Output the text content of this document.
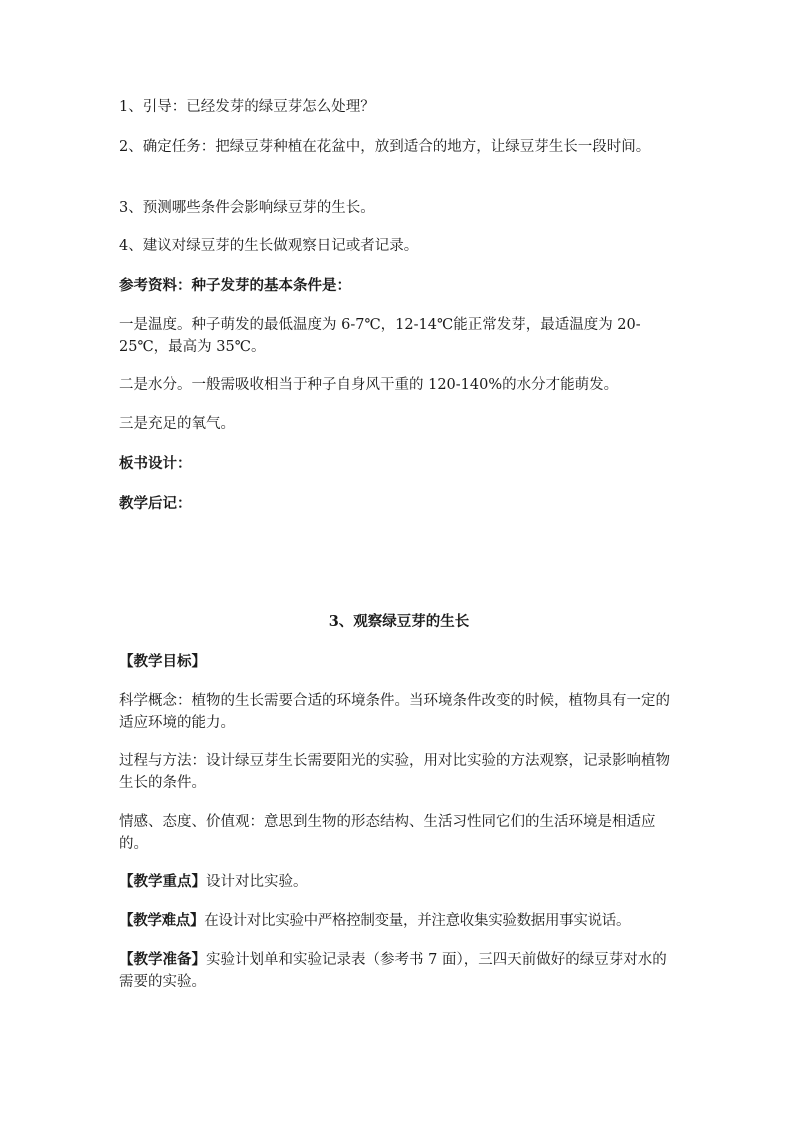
1、引导：已经发芽的绿豆芽怎么处理？

2、确定任务：把绿豆芽种植在花盆中，放到适合的地方，让绿豆芽生长一段时间。

3、预测哪些条件会影响绿豆芽的生长。

4、建议对绿豆芽的生长做观察日记或者记录。

参考资料：种子发芽的基本条件是：

一是温度。种子萌发的最低温度为 6-7℃，12-14℃能正常发芽，最适温度为 20-25℃，最高为 35℃。

二是水分。一般需吸收相当于种子自身风干重的 120-140%的水分才能萌发。

三是充足的氧气。

板书设计：

教学后记：

3、观察绿豆芽的生长

【教学目标】

科学概念：植物的生长需要合适的环境条件。当环境条件改变的时候，植物具有一定的适应环境的能力。

过程与方法：设计绿豆芽生长需要阳光的实验，用对比实验的方法观察，记录影响植物生长的条件。

情感、态度、价值观：意思到生物的形态结构、生活习性同它们的生活环境是相适应的。

【教学重点】设计对比实验。

【教学难点】在设计对比实验中严格控制变量，并注意收集实验数据用事实说话。

【教学准备】实验计划单和实验记录表（参考书 7 面），三四天前做好的绿豆芽对水的需要的实验。
